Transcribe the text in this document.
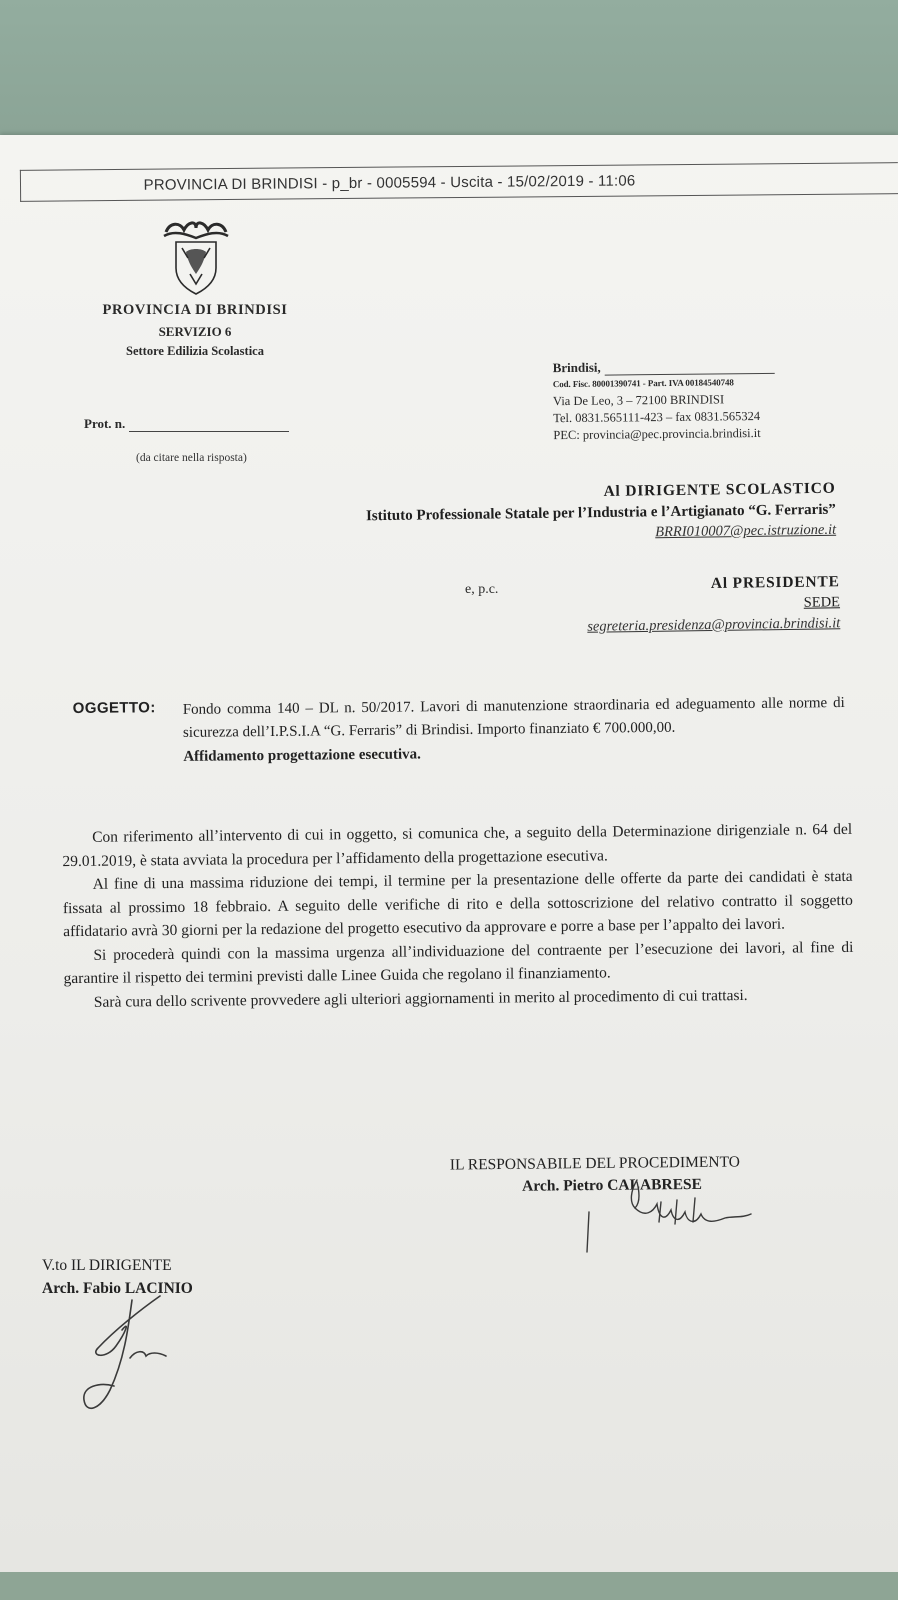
PROVINCIA DI BRINDISI - p_br - 0005594 - Uscita - 15/02/2019 - 11:06
PROVINCIA DI BRINDISI
SERVIZIO 6
Settore Edilizia Scolastica
Prot. n.
(da citare nella risposta)
Brindisi,
Cod. Fisc. 80001390741 - Part. IVA 00184540748
Via De Leo, 3 – 72100 BRINDISI
Tel. 0831.565111-423 – fax 0831.565324
PEC: provincia@pec.provincia.brindisi.it
Al DIRIGENTE SCOLASTICO
Istituto Professionale Statale per l’Industria e l’Artigianato “G. Ferraris”
BRRI010007@pec.istruzione.it
e, p.c.	Al PRESIDENTE
SEDE
segreteria.presidenza@provincia.brindisi.it
OGGETTO: Fondo comma 140 – DL n. 50/2017. Lavori di manutenzione straordinaria ed adeguamento alle norme di sicurezza dell’I.P.S.I.A “G. Ferraris” di Brindisi. Importo finanziato € 700.000,00.
Affidamento progettazione esecutiva.

Con riferimento all’intervento di cui in oggetto, si comunica che, a seguito della Determinazione dirigenziale n. 64 del 29.01.2019, è stata avviata la procedura per l’affidamento della progettazione esecutiva.

Al fine di una massima riduzione dei tempi, il termine per la presentazione delle offerte da parte dei candidati è stata fissata al prossimo 18 febbraio. A seguito delle verifiche di rito e della sottoscrizione del relativo contratto il soggetto affidatario avrà 30 giorni per la redazione del progetto esecutivo da approvare e porre a base per l’appalto dei lavori.

Si procederà quindi con la massima urgenza all’individuazione del contraente per l’esecuzione dei lavori, al fine di garantire il rispetto dei termini previsti dalle Linee Guida che regolano il finanziamento.

Sarà cura dello scrivente provvedere agli ulteriori aggiornamenti in merito al procedimento di cui trattasi.

IL RESPONSABILE DEL PROCEDIMENTO
Arch. Pietro CALABRESE
V.to IL DIRIGENTE
Arch. Fabio LACINIO
